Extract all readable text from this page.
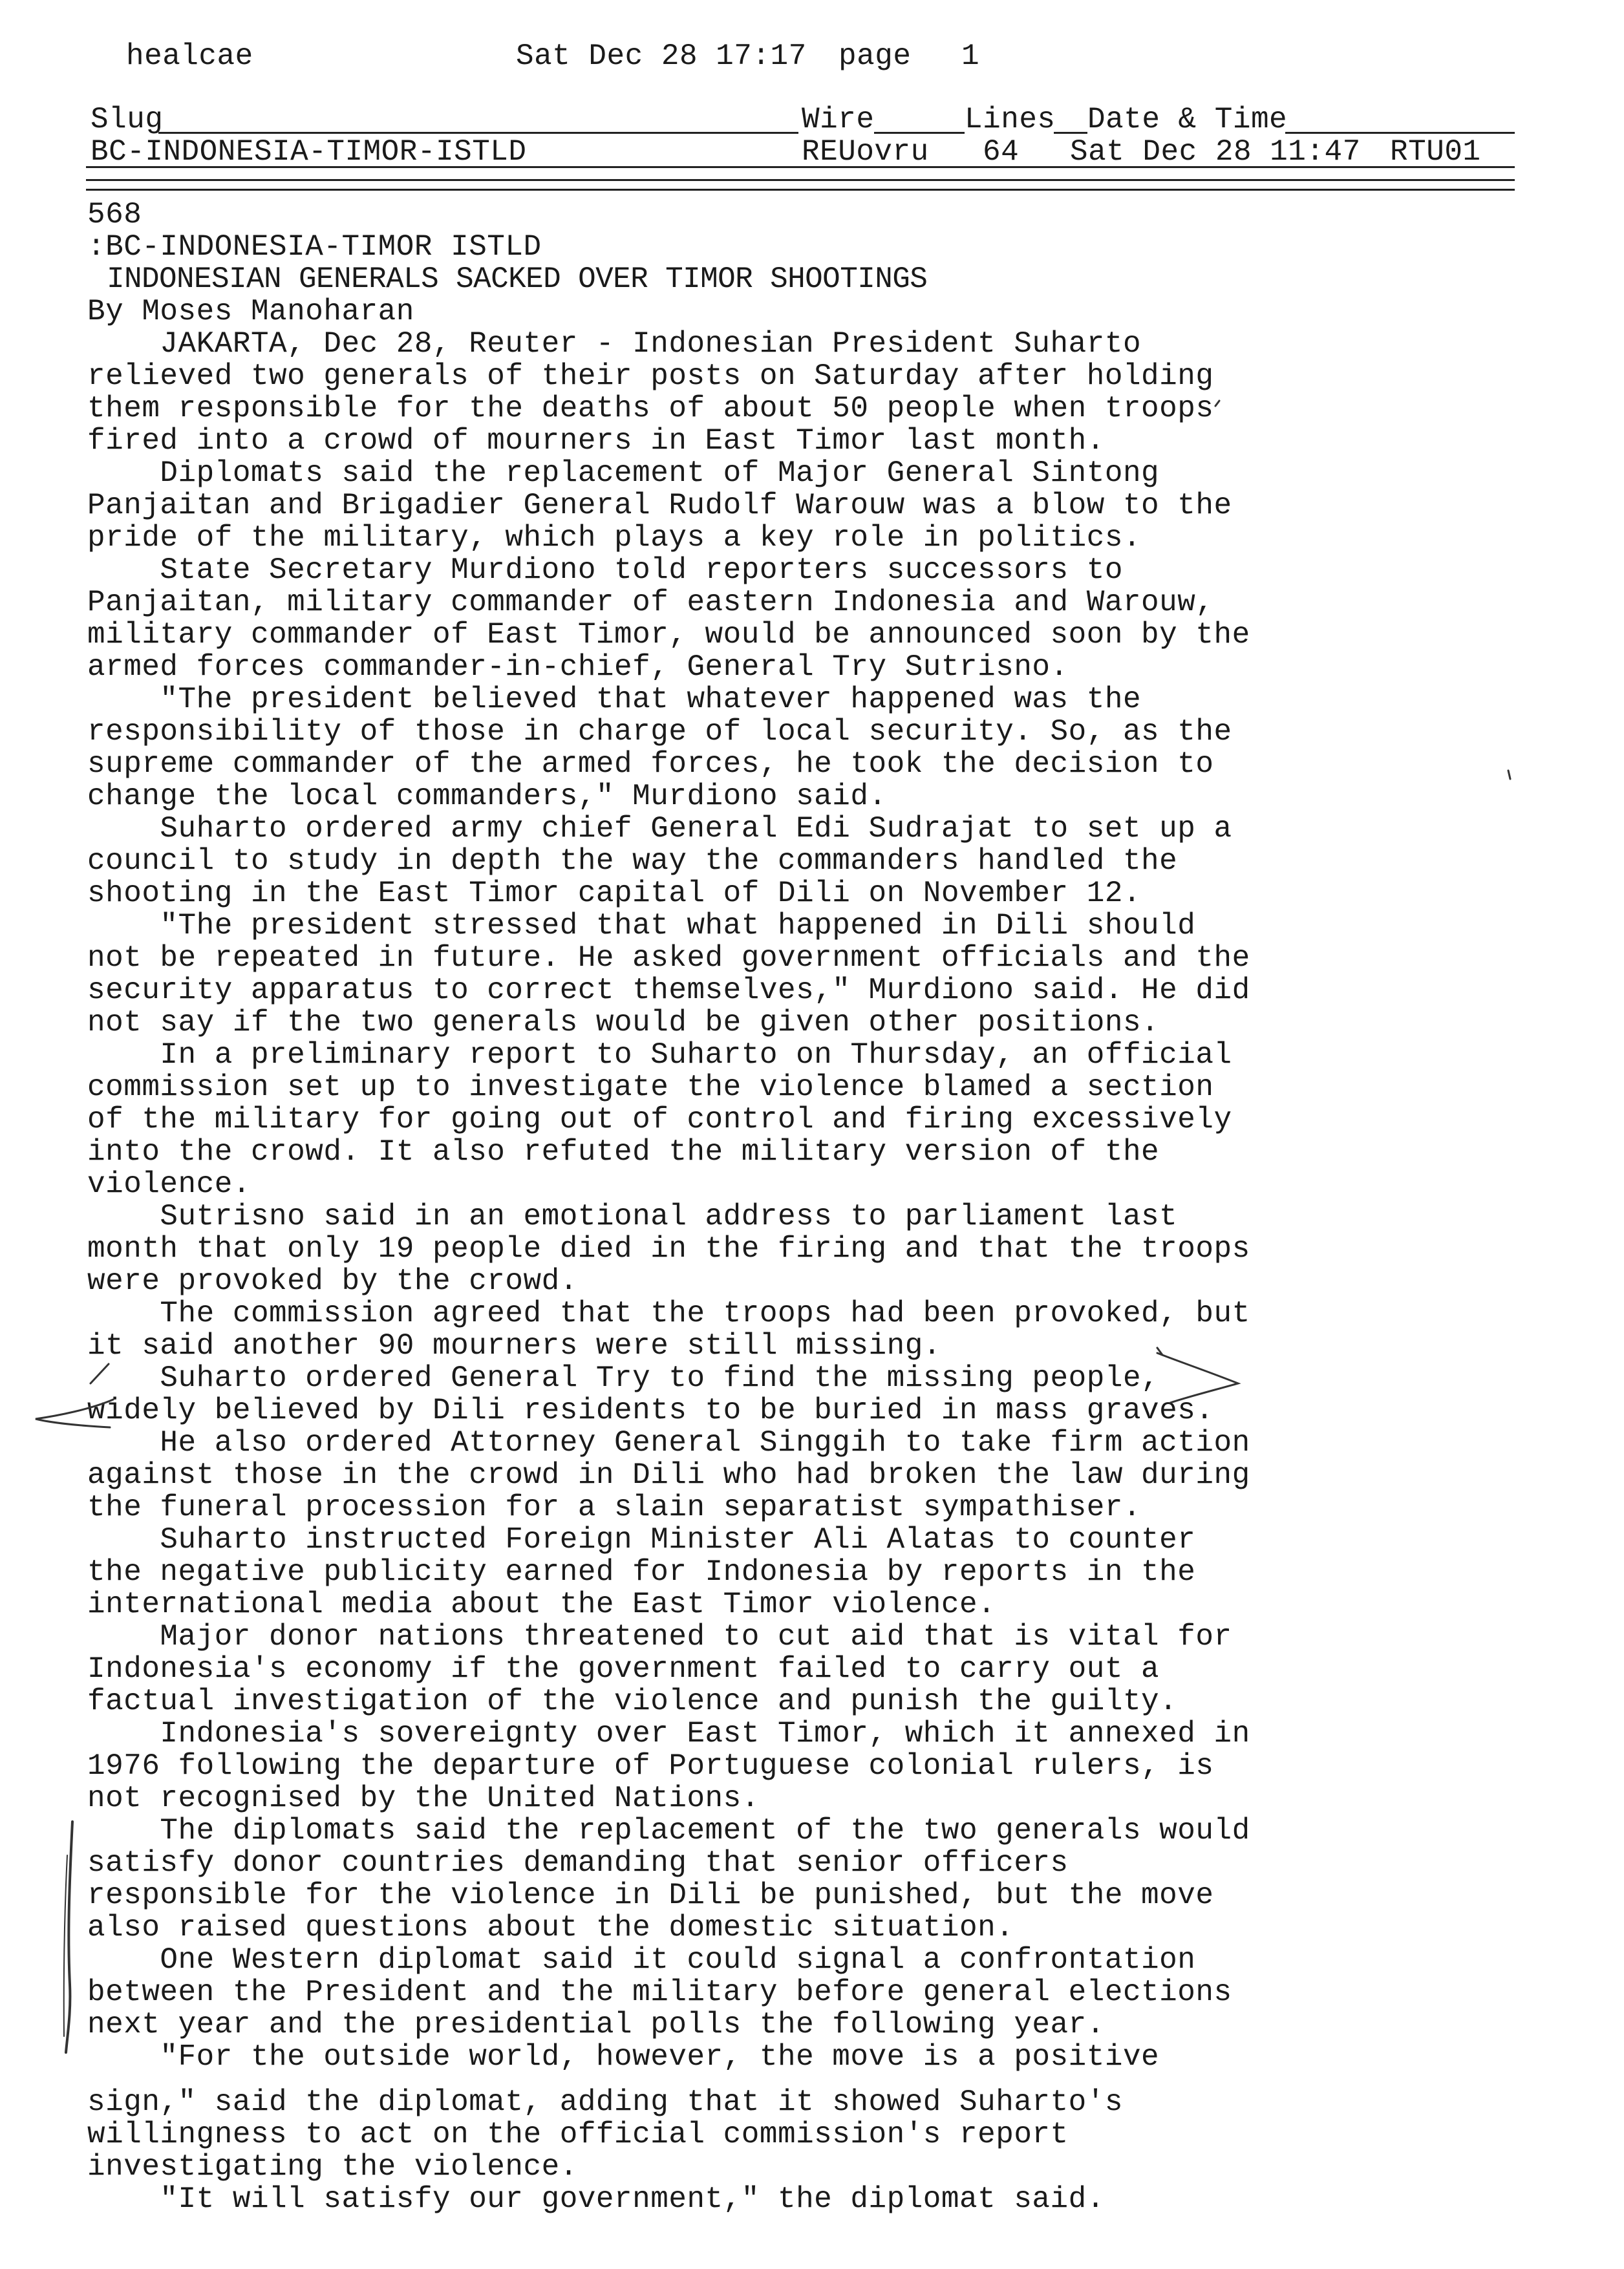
healcae	Sat Dec 28 17:17 page 1
Slug	Wire	Lines Date & Time
BC-INDONESIA-TIMOR-ISTLD	REUovru 64 Sat Dec 28 11:47 RTU01
568
:BC-INDONESIA-TIMOR ISTLD
INDONESIAN GENERALS SACKED OVER TIMOR SHOOTINGS
By Moses Manoharan
JAKARTA, Dec 28, Reuter - Indonesian President Suharto
relieved two generals of their posts on Saturday after holding
them responsible for the deaths of about 50 people when troops
fired into a crowd of mourners in East Timor last month.
Diplomats said the replacement of Major General Sintong
Panjaitan and Brigadier General Rudolf Warouw was a blow to the
pride of the military, which plays a key role in politics.
State Secretary Murdiono told reporters successors to
Panjaitan, military commander of eastern Indonesia and Warouw,
military commander of East Timor, would be announced soon by the
armed forces commander-in-chief, General Try Sutrisno.
"The president believed that whatever happened was the
responsibility of those in charge of local security. So, as the
supreme commander of the armed forces, he took the decision to
change the local commanders," Murdiono said.
Suharto ordered army chief General Edi Sudrajat to set up a
council to study in depth the way the commanders handled the
shooting in the East Timor capital of Dili on November 12.
"The president stressed that what happened in Dili should
not be repeated in future. He asked government officials and the
security apparatus to correct themselves," Murdiono said. He did
not say if the two generals would be given other positions.
In a preliminary report to Suharto on Thursday, an official
commission set up to investigate the violence blamed a section
of the military for going out of control and firing excessively
into the crowd. It also refuted the military version of the
violence.
Sutrisno said in an emotional address to parliament last
month that only 19 people died in the firing and that the troops
were provoked by the crowd.
The commission agreed that the troops had been provoked, but
it said another 90 mourners were still missing.
Suharto ordered General Try to find the missing people,
widely believed by Dili residents to be buried in mass graves.
He also ordered Attorney General Singgih to take firm action
against those in the crowd in Dili who had broken the law during
the funeral procession for a slain separatist sympathiser.
Suharto instructed Foreign Minister Ali Alatas to counter
the negative publicity earned for Indonesia by reports in the
international media about the East Timor violence.
Major donor nations threatened to cut aid that is vital for
Indonesia's economy if the government failed to carry out a
factual investigation of the violence and punish the guilty.
Indonesia's sovereignty over East Timor, which it annexed in
1976 following the departure of Portuguese colonial rulers, is
not recognised by the United Nations.
The diplomats said the replacement of the two generals would
satisfy donor countries demanding that senior officers
responsible for the violence in Dili be punished, but the move
also raised questions about the domestic situation.
One Western diplomat said it could signal a confrontation
between the President and the military before general elections
next year and the presidential polls the following year.
"For the outside world, however, the move is a positive
sign," said the diplomat, adding that it showed Suharto's
willingness to act on the official commission's report
investigating the violence.
"It will satisfy our government," the diplomat said.
